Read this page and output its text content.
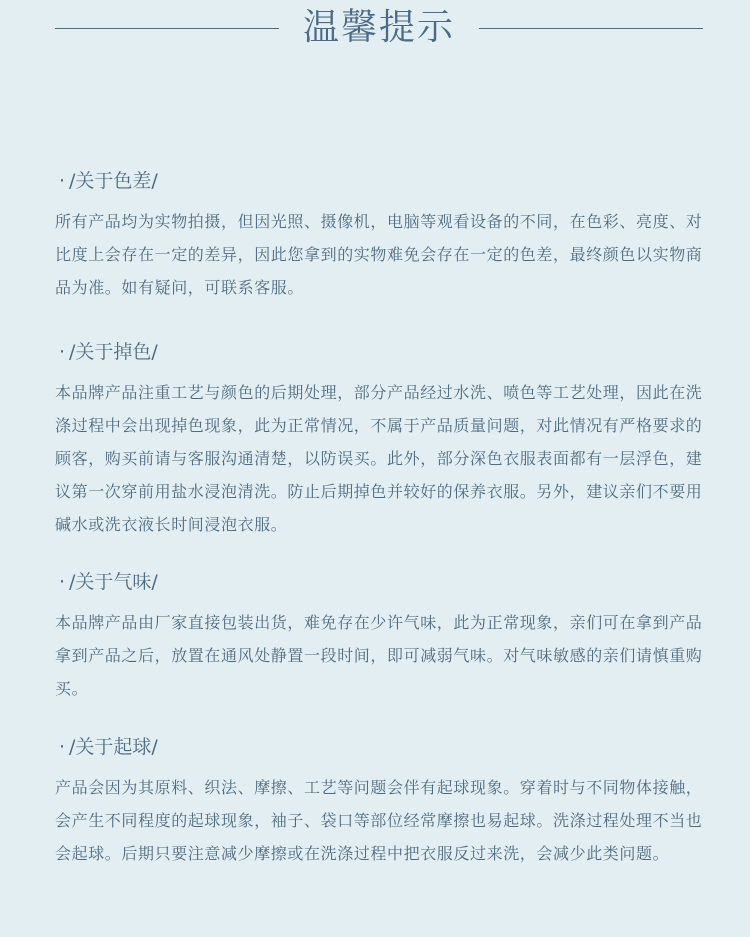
温馨提示
· /关于色差/
所有产品均为实物拍摄，但因光照、摄像机，电脑等观看设备的不同，在色彩、亮度、对比度上会存在一定的差异，因此您拿到的实物难免会存在一定的色差，最终颜色以实物商品为准。如有疑问，可联系客服。
· /关于掉色/
本品牌产品注重工艺与颜色的后期处理，部分产品经过水洗、喷色等工艺处理，因此在洗涤过程中会出现掉色现象，此为正常情况，不属于产品质量问题，对此情况有严格要求的顾客，购买前请与客服沟通清楚，以防误买。此外，部分深色衣服表面都有一层浮色，建议第一次穿前用盐水浸泡清洗。防止后期掉色并较好的保养衣服。另外，建议亲们不要用碱水或洗衣液长时间浸泡衣服。
· /关于气味/
本品牌产品由厂家直接包装出货，难免存在少许气味，此为正常现象，亲们可在拿到产品拿到产品之后，放置在通风处静置一段时间，即可减弱气味。对气味敏感的亲们请慎重购买。
· /关于起球/
产品会因为其原料、织法、摩擦、工艺等问题会伴有起球现象。穿着时与不同物体接触，会产生不同程度的起球现象，袖子、袋口等部位经常摩擦也易起球。洗涤过程处理不当也会起球。后期只要注意减少摩擦或在洗涤过程中把衣服反过来洗，会减少此类问题。
